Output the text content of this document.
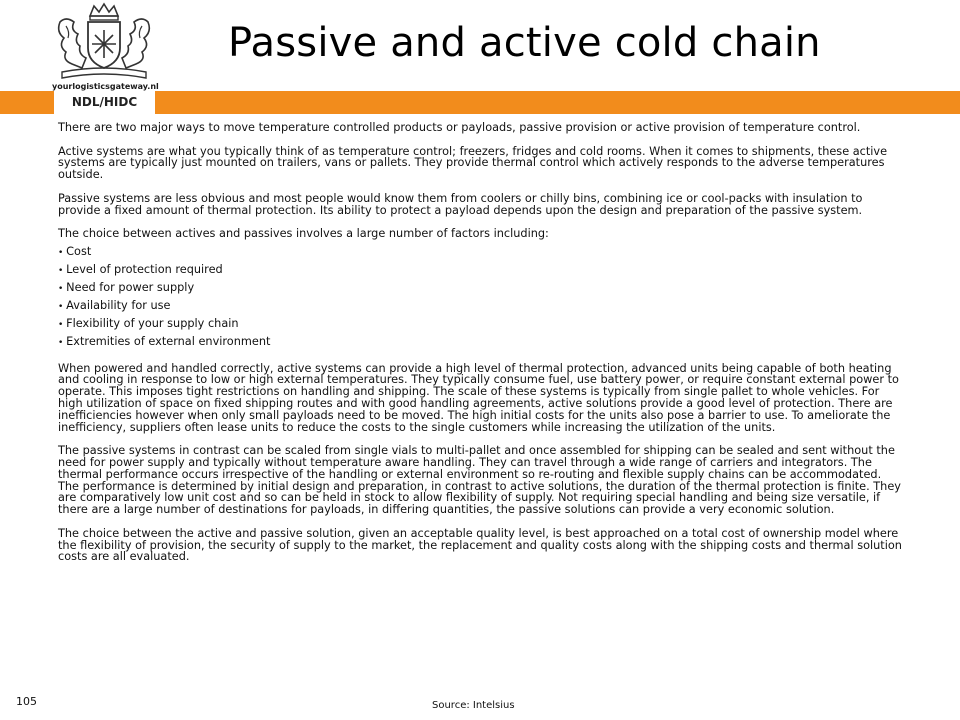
yourlogisticsgateway.nl
NDL/HIDC
Passive and active cold chain

There are two major ways to move temperature controlled products or payloads, passive provision or active provision of temperature control.

Active systems are what you typically think of as temperature control; freezers, fridges and cold rooms. When it comes to shipments, these active systems are typically just mounted on trailers, vans or pallets. They provide thermal control which actively responds to the adverse temperatures outside.

Passive systems are less obvious and most people would know them from coolers or chilly bins, combining ice or cool-packs with insulation to provide a fixed amount of thermal protection. Its ability to protect a payload depends upon the design and preparation of the passive system.

The choice between actives and passives involves a large number of factors including:

• Cost
• Level of protection required
• Need for power supply
• Availability for use
• Flexibility of your supply chain
• Extremities of external environment

When powered and handled correctly, active systems can provide a high level of thermal protection, advanced units being capable of both heating and cooling in response to low or high external temperatures. They typically consume fuel, use battery power, or require constant external power to operate. This imposes tight restrictions on handling and shipping. The scale of these systems is typically from single pallet to whole vehicles. For high utilization of space on fixed shipping routes and with good handling agreements, active solutions provide a good level of protection. There are inefficiencies however when only small payloads need to be moved. The high initial costs for the units also pose a barrier to use. To ameliorate the inefficiency, suppliers often lease units to reduce the costs to the single customers while increasing the utilization of the units.

The passive systems in contrast can be scaled from single vials to multi-pallet and once assembled for shipping can be sealed and sent without the need for power supply and typically without temperature aware handling. They can travel through a wide range of carriers and integrators. The thermal performance occurs irrespective of the handling or external environment so re-routing and flexible supply chains can be accommodated. The performance is determined by initial design and preparation, in contrast to active solutions, the duration of the thermal protection is finite. They are comparatively low unit cost and so can be held in stock to allow flexibility of supply. Not requiring special handling and being size versatile, if there are a large number of destinations for payloads, in differing quantities, the passive solutions can provide a very economic solution.

The choice between the active and passive solution, given an acceptable quality level, is best approached on a total cost of ownership model where the flexibility of provision, the security of supply to the market, the replacement and quality costs along with the shipping costs and thermal solution costs are all evaluated.

105	Source: Intelsius
